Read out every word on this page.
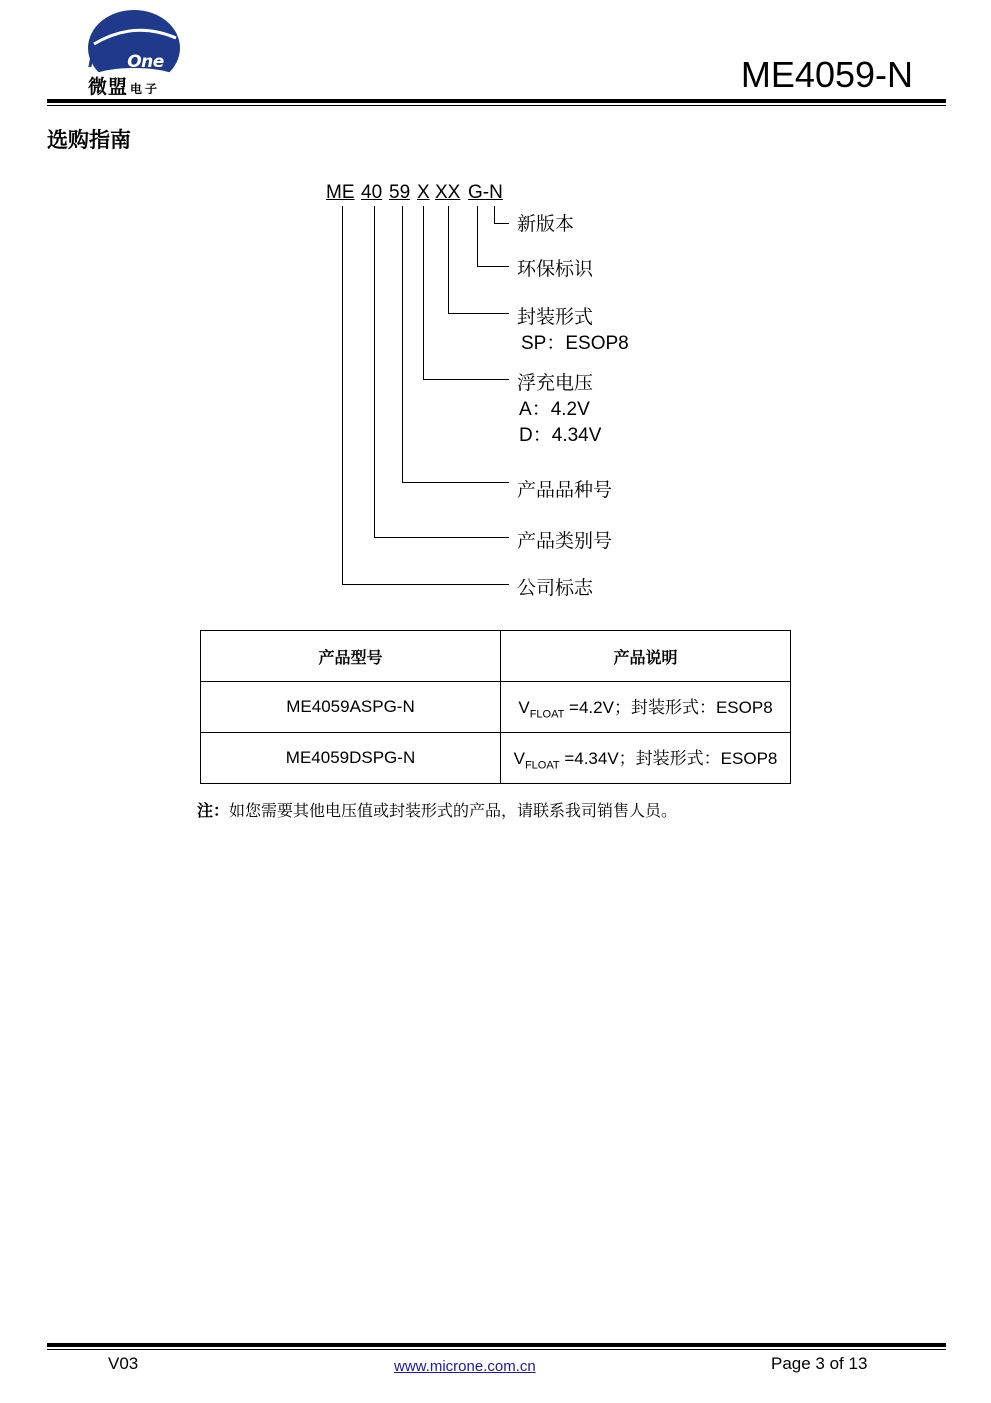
MicrOne
微盟 电子	ME4059-N
选购指南
ME 40 59 X XX G-N
新版本
环保标识
封装形式
SP：ESOP8
浮充电压
A：4.2V
D：4.34V
产品品种号
产品类别号
公司标志
产品型号	产品说明
ME4059ASPG-N	$V_{FLOAT} =4.2V$；封装形式：ESOP8
ME4059DSPG-N	$V_{FLOAT} =4.34V$；封装形式：ESOP8
注：如您需要其他电压值或封装形式的产品，请联系我司销售人员。
V03	www.microne.com.cn	Page 3 of 13
